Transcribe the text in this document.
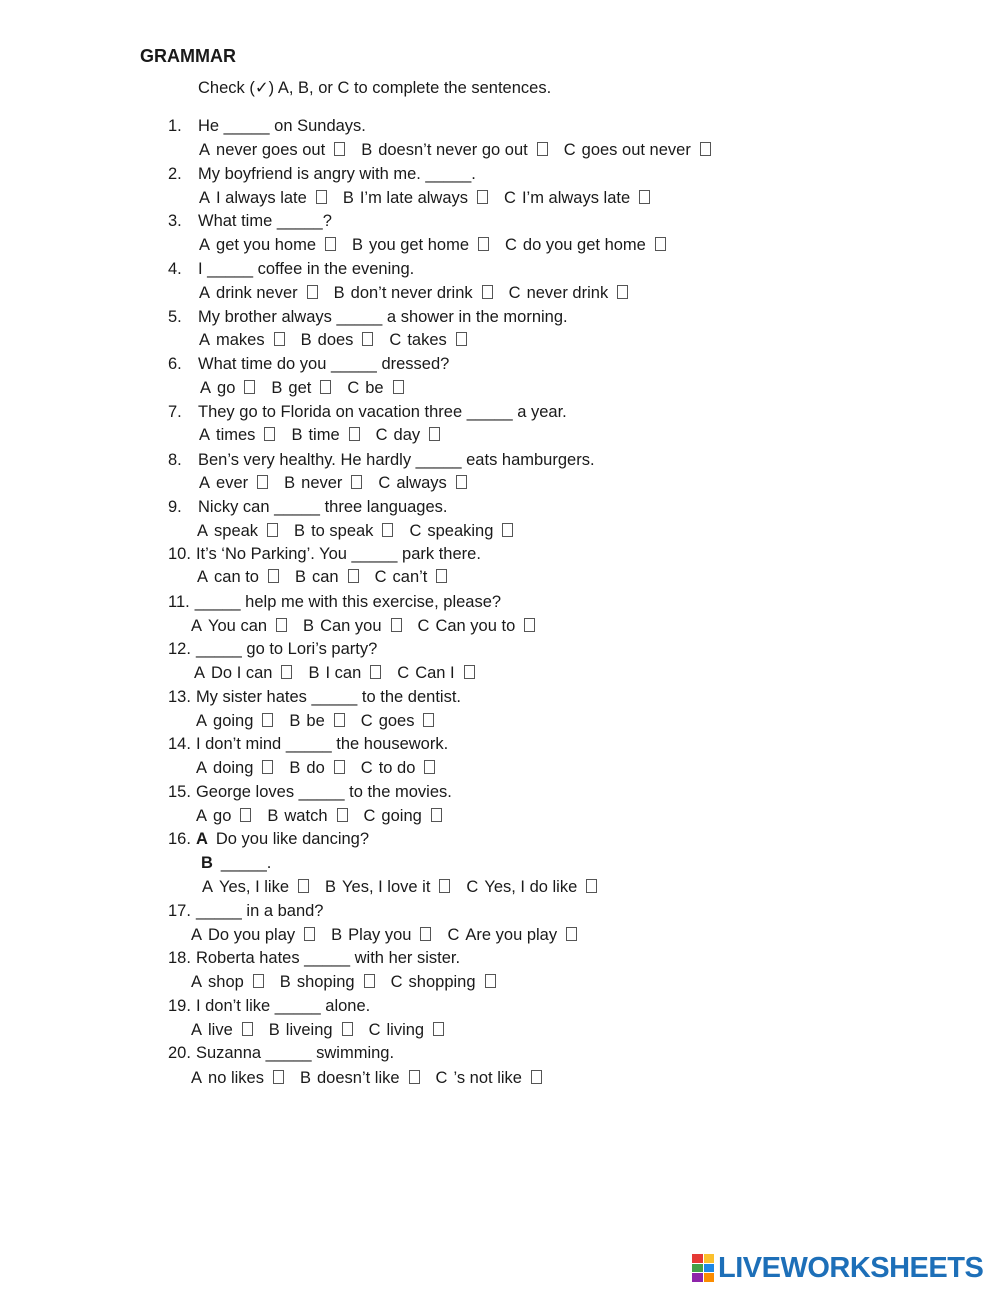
GRAMMAR
Check (✓) A, B, or C to complete the sentences.
1. He _____ on Sundays.
A never goes out B doesn’t never go out C goes out never
2. My boyfriend is angry with me. _____.
A I always late B I’m late always C I’m always late
3. What time _____?
A get you home B you get home C do you get home
4. I _____ coffee in the evening.
A drink never B don’t never drink C never drink
5. My brother always _____ a shower in the morning.
A makes B does C takes
6. What time do you _____ dressed?
A go B get C be
7. They go to Florida on vacation three _____ a year.
A times B time C day
8. Ben’s very healthy. He hardly _____ eats hamburgers.
A ever B never C always
9. Nicky can _____ three languages.
A speak B to speak C speaking
10. It’s ‘No Parking’. You _____ park there.
A can to B can C can’t
11. _____ help me with this exercise, please?
A You can B Can you C Can you to
12. _____ go to Lori’s party?
A Do I can B I can C Can I
13. My sister hates _____ to the dentist.
A going B be C goes
14. I don’t mind _____ the housework.
A doing B do C to do
15. George loves _____ to the movies.
A go B watch C going
16. A Do you like dancing?
B _____.
A Yes, I like B Yes, I love it C Yes, I do like
17. _____ in a band?
A Do you play B Play you C Are you play
18. Roberta hates _____ with her sister.
A shop B shoping C shopping
19. I don’t like _____ alone.
A live B liveing C living
20. Suzanna _____ swimming.
A no likes B doesn’t like C ’s not like
LIVEWORKSHEETS
